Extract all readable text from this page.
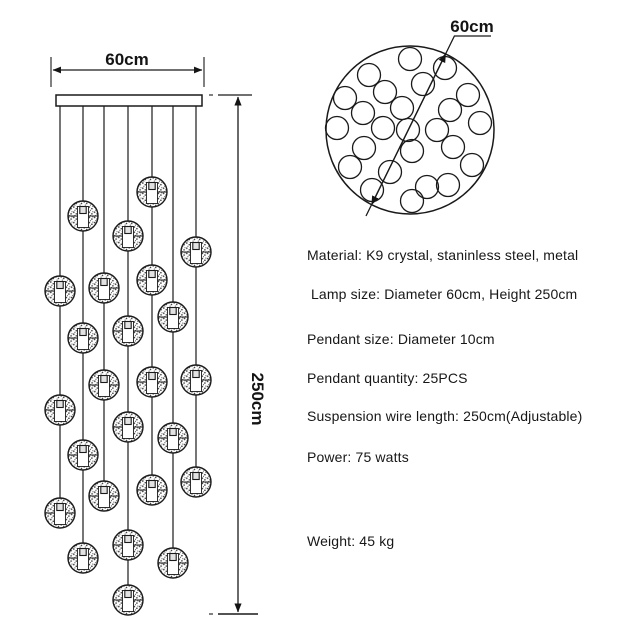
60cm
250cm
60cm
Material: K9 crystal, staninless steel, metal
Lamp size: Diameter 60cm, Height 250cm
Pendant size: Diameter 10cm
Pendant quantity: 25PCS
Suspension wire length: 250cm(Adjustable)
Power: 75 watts
Weight: 45 kg
